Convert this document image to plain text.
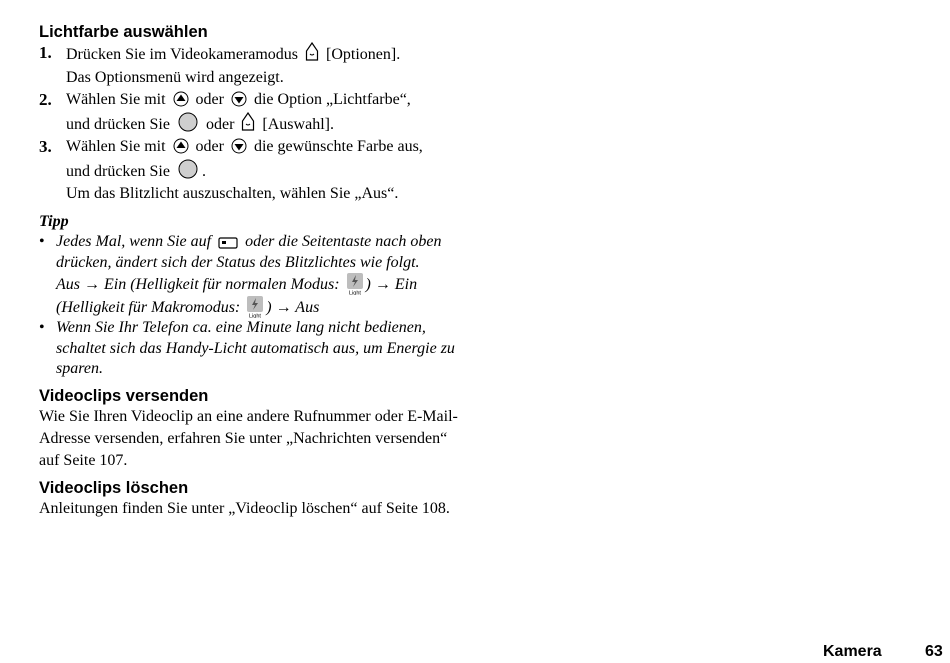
Lichtfarbe auswählen
1. Drücken Sie im Videokameramodus [Optionen].
Das Optionsmenü wird angezeigt.
2. Wählen Sie mit oder die Option „Lichtfarbe“,
und drücken Sie oder [Auswahl].
3. Wählen Sie mit oder die gewünschte Farbe aus,
und drücken Sie .
Um das Blitzlicht auszuschalten, wählen Sie „Aus“.
Tipp
• Jedes Mal, wenn Sie auf oder die Seitentaste nach oben drücken, ändert sich der Status des Blitzlichtes wie folgt.
Aus → Ein (Helligkeit für normalen Modus:
Light
) → Ein (Helligkeit für Makromodus:
Light
) → Aus
• Wenn Sie Ihr Telefon ca. eine Minute lang nicht bedienen, schaltet sich das Handy-Licht automatisch aus, um Energie zu sparen.
Videoclips versenden
Wie Sie Ihren Videoclip an eine andere Rufnummer oder E-Mail-Adresse versenden, erfahren Sie unter „Nachrichten versenden“ auf Seite 107.
Videoclips löschen
Anleitungen finden Sie unter „Videoclip löschen“ auf Seite 108.
Kamera	63
